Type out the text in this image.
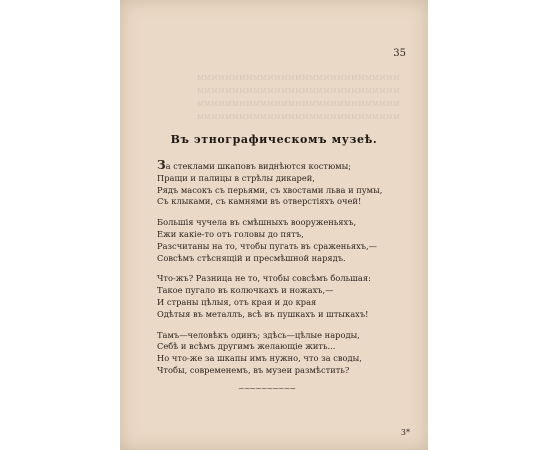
ммммммммммммммммммммммммммммм
ммммммммммммммммммммммммммммм
ммммммммммммммммммммммммммммм
ммммммммммммммммммммммммммммм
35
Въ этнографическомъ музеѣ.
За стеклами шкаповъ виднѣются костюмы;
Пращи и палицы в стрѣлы дикарей,
Рядъ масокъ съ перьями, съ хвостами льва и пумы,
Съ клыками, съ камнями въ отверстіяхъ очей!
Большія чучела въ смѣшныхъ вооруженьяхъ,
Ежи какіе-то отъ головы до пятъ,
Разсчитаны на то, чтобы пугать въ сраженьяхъ,—
Совсѣмъ стѣснящій и пресмѣшной нарядъ.
Что-жъ? Разница не то, чтобы совсѣмъ большая:
Такое пугало въ колючкахъ и ножахъ,—
И страны цѣлыя, отъ края и до края
Одѣтыя въ металлъ, всѣ въ пушкахъ и штыкахъ!
Тамъ—человѣкъ одинъ; здѣсь—цѣлые народы,
Себѣ и всѣмъ другимъ желающіе жить...
Но что-же за шкапы имъ нужно, что за своды,
Чтобы, современемъ, въ музеи размѣстить?
~~~~~~~~~~
3*
